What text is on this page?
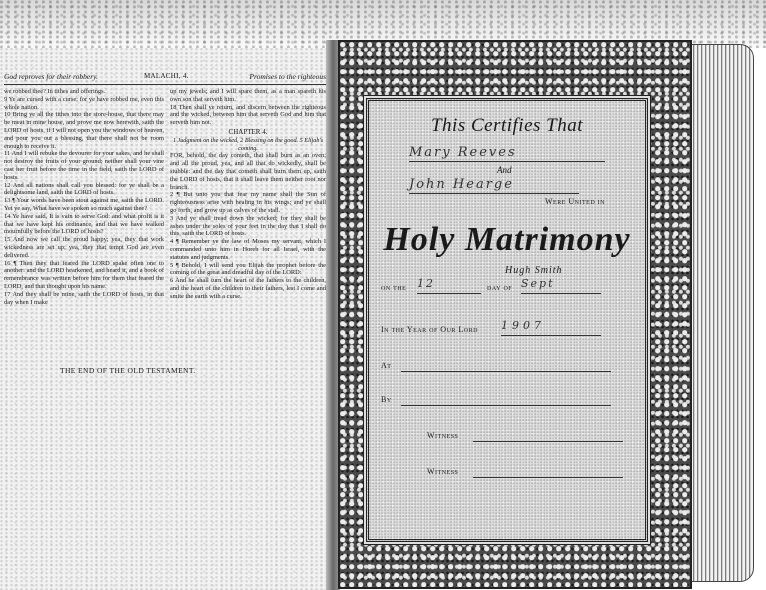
God reproves for their robbery.	MALACHI, 4.	Promises to the righteous

we robbed thee? In tithes and offerings.

9 Ye are cursed with a curse: for ye have robbed me, even this whole nation.

10 Bring ye all the tithes into the store-house, that there may be meat in mine house, and prove me now herewith, saith the LORD of hosts, if I will not open you the windows of heaven, and pour you out a blessing, that there shall not be room enough to receive it.

11 And I will rebuke the devourer for your sakes, and he shall not destroy the fruits of your ground; neither shall your vine cast her fruit before the time in the field, saith the LORD of hosts.

12 And all nations shall call you blessed: for ye shall be a delightsome land, saith the LORD of hosts.

13 ¶ Your words have been stout against me, saith the LORD. Yet ye say, What have we spoken so much against thee?

14 Ye have said, It is vain to serve God: and what profit is it that we have kept his ordinance, and that we have walked mournfully before the LORD of hosts?

15 And now we call the proud happy; yea, they that work wickedness are set up; yea, they that tempt God are even delivered.

16 ¶ Then they that feared the LORD spake often one to another: and the LORD hearkened, and heard it, and a book of remembrance was written before him for them that feared the LORD, and that thought upon his name.

17 And they shall be mine, saith the LORD of hosts, in that day when I make

up my jewels; and I will spare them, as a man spareth his own son that serveth him.

18 Then shall ye return, and discern between the righteous and the wicked, between him that serveth God and him that serveth him not.

CHAPTER 4.

1 Judgment on the wicked, 2 Blessing on the good. 5 Elijah's coming.

FOR, behold, the day cometh, that shall burn as an oven; and all the proud, yea, and all that do wickedly, shall be stubble: and the day that cometh shall burn them up, saith the LORD of hosts, that it shall leave them neither root nor branch.

2 ¶ But unto you that fear my name shall the Sun of righteousness arise with healing in his wings; and ye shall go forth, and grow up as calves of the stall.

3 And ye shall tread down the wicked; for they shall be ashes under the soles of your feet in the day that I shall do this, saith the LORD of hosts.

4 ¶ Remember ye the law of Moses my servant, which I commanded unto him in Horeb for all Israel, with the statutes and judgments.

5 ¶ Behold, I will send you Elijah the prophet before the coming of the great and dreadful day of the LORD:

6 And he shall turn the heart of the fathers to the children, and the heart of the children to their fathers, lest I come and smite the earth with a curse.

THE END OF THE OLD TESTAMENT.
This Certifies That
Mary Reeves
And
John Hearge
Were United in
Holy Matrimony
Hugh Smith
on the 12	day of Sept
In the Year of Our Lord 1907
At
By
Witness
Witness
